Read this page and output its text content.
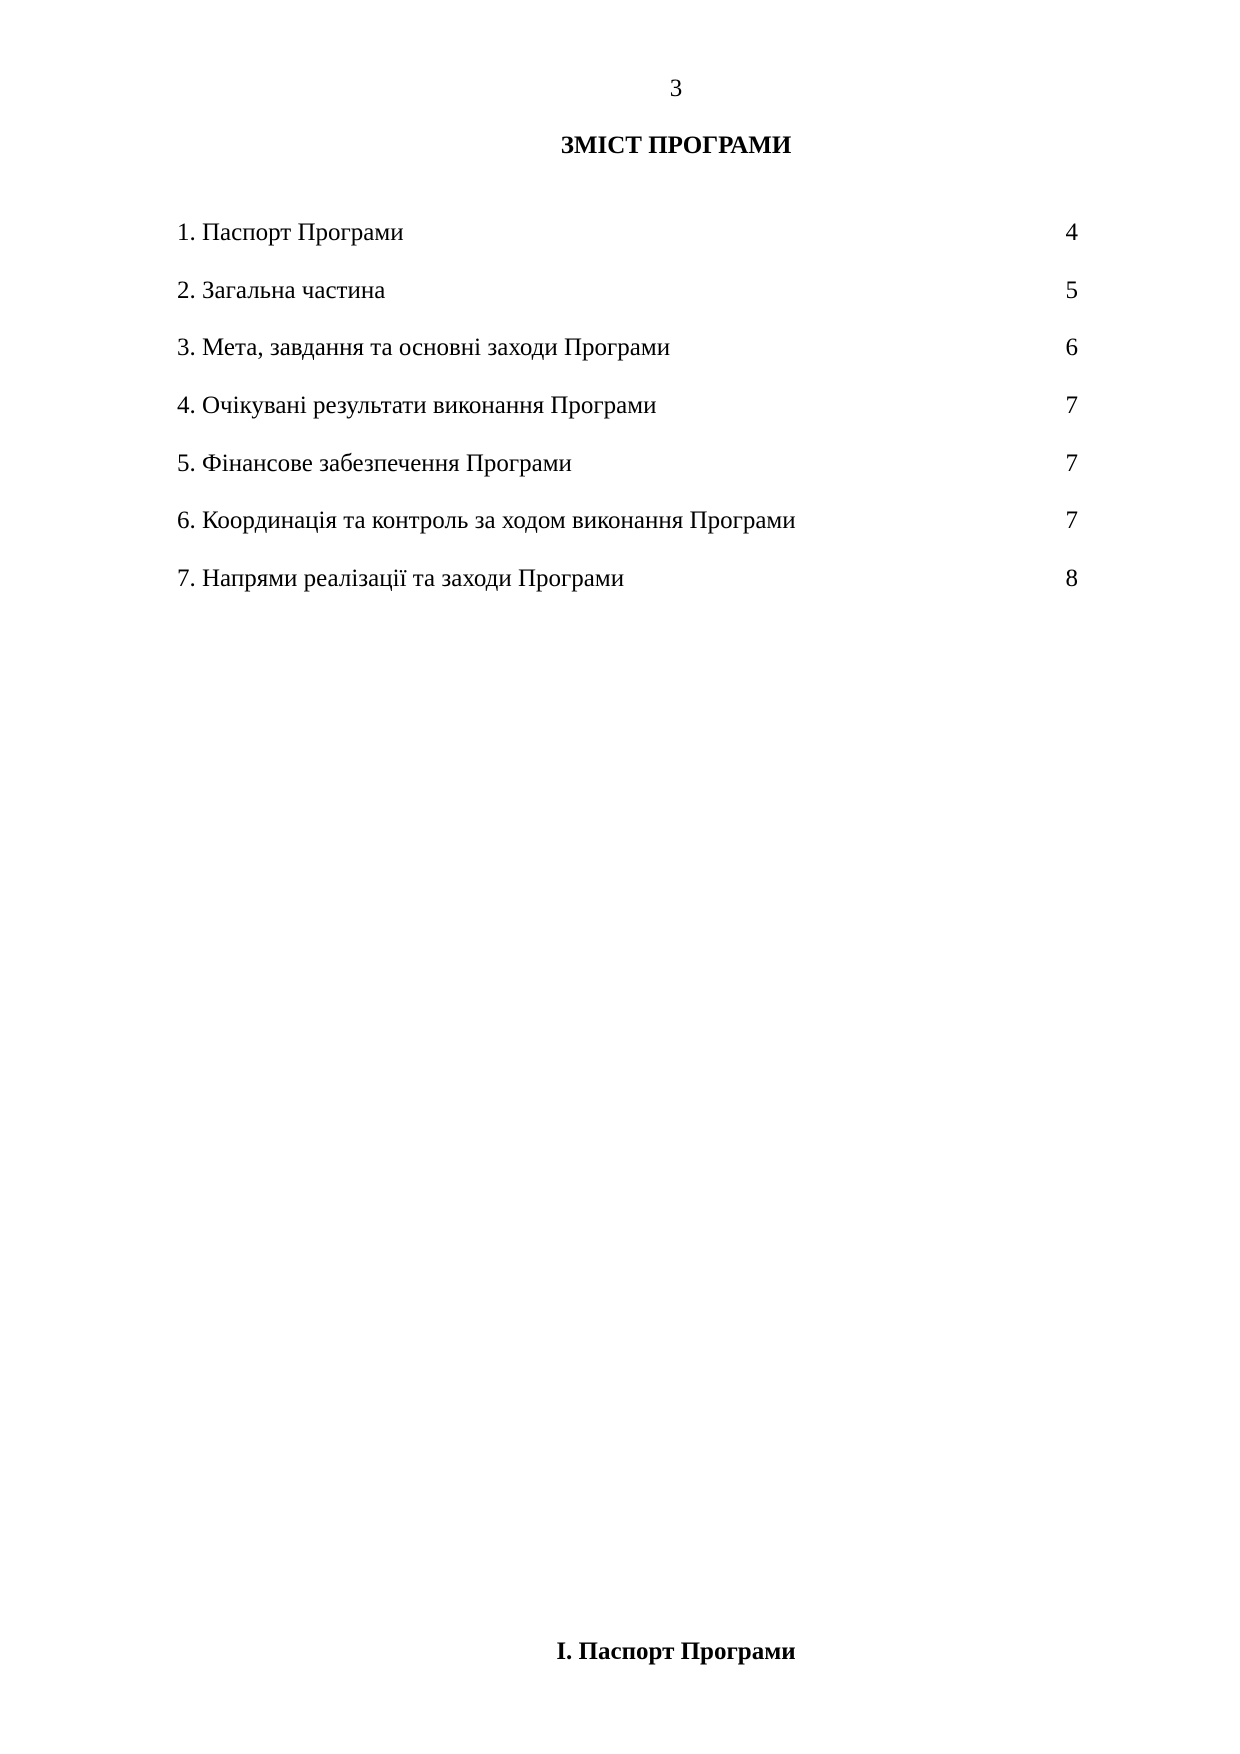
3
ЗМІСТ ПРОГРАМИ
1. Паспорт Програми	4
2. Загальна частина	5
3. Мета, завдання та основні заходи Програми	6
4. Очікувані результати виконання Програми	7
5. Фінансове забезпечення Програми	7
6. Координація та контроль за ходом виконання Програми	7
7. Напрями реалізації та заходи Програми	8
І. Паспорт Програми
